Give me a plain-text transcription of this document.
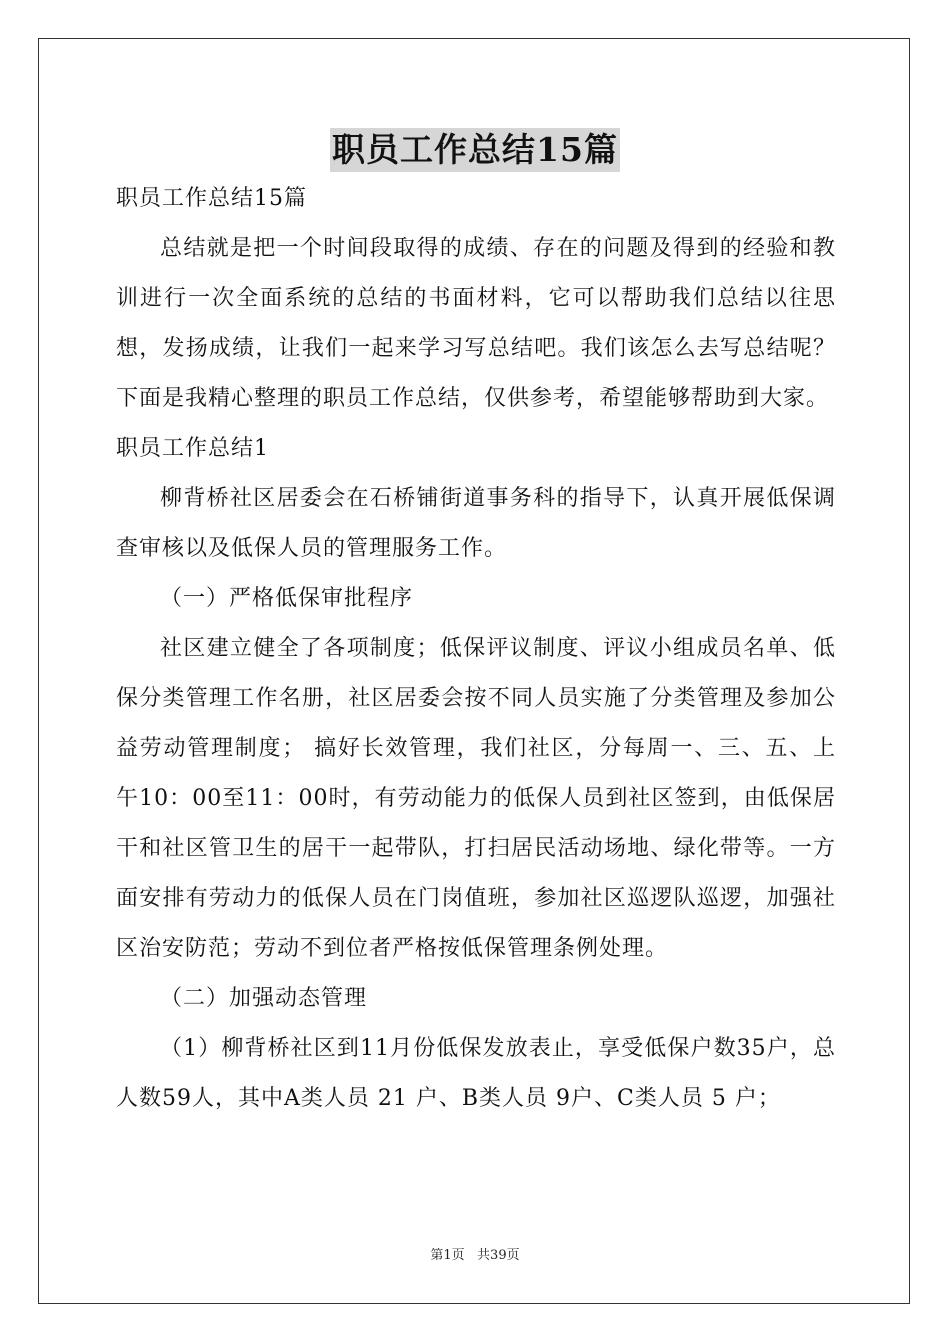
职员工作总结15篇

职员工作总结15篇

总结就是把一个时间段取得的成绩、存在的问题及得到的经验和教训进行一次全面系统的总结的书面材料，它可以帮助我们总结以往思想，发扬成绩，让我们一起来学习写总结吧。我们该怎么去写总结呢？下面是我精心整理的职员工作总结，仅供参考，希望能够帮助到大家。

职员工作总结1

柳背桥社区居委会在石桥铺街道事务科的指导下，认真开展低保调查审核以及低保人员的管理服务工作。

（一）严格低保审批程序

社区建立健全了各项制度；低保评议制度、评议小组成员名单、低保分类管理工作名册，社区居委会按不同人员实施了分类管理及参加公益劳动管理制度； 搞好长效管理，我们社区，分每周一、三、五、上午10：00至11：00时，有劳动能力的低保人员到社区签到，由低保居干和社区管卫生的居干一起带队，打扫居民活动场地、绿化带等。一方面安排有劳动力的低保人员在门岗值班，参加社区巡逻队巡逻，加强社区治安防范；劳动不到位者严格按低保管理条例处理。

（二）加强动态管理

（1）柳背桥社区到11月份低保发放表止，享受低保户数35户，总人数59人，其中A类人员 21 户、B类人员 9户、C类人员 5 户；

第1页   共39页
